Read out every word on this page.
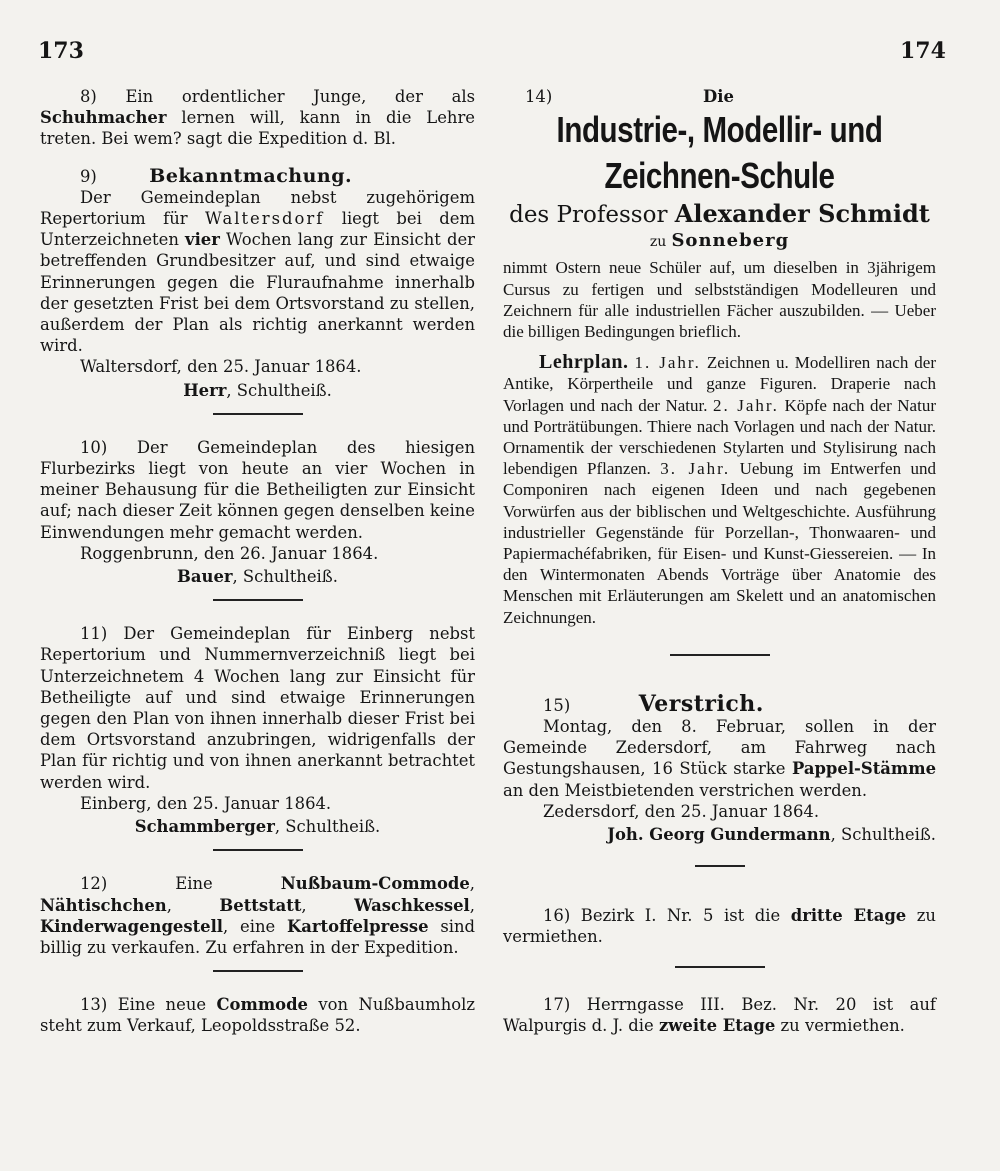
173	174

8) Ein ordentlicher Junge, der als Schuhmacher lernen will, kann in die Lehre treten. Bei wem? sagt die Expedition d. Bl.

9)	Bekanntmachung.

Der Gemeindeplan nebst zugehörigem Repertorium für Waltersdorf liegt bei dem Unterzeichneten vier Wochen lang zur Einsicht der betreffenden Grundbesitzer auf, und sind etwaige Erinnerungen gegen die Fluraufnahme innerhalb der gesetzten Frist bei dem Ortsvorstand zu stellen, außerdem der Plan als richtig anerkannt werden wird.

Waltersdorf, den 25. Januar 1864.

Herr, Schultheiß.

10) Der Gemeindeplan des hiesigen Flurbezirks liegt von heute an vier Wochen in meiner Behausung für die Betheiligten zur Einsicht auf; nach dieser Zeit können gegen denselben keine Einwendungen mehr gemacht werden.

Roggenbrunn, den 26. Januar 1864.

Bauer, Schultheiß.

11) Der Gemeindeplan für Einberg nebst Repertorium und Nummernverzeichniß liegt bei Unterzeichnetem 4 Wochen lang zur Einsicht für Betheiligte auf und sind etwaige Erinnerungen gegen den Plan von ihnen innerhalb dieser Frist bei dem Ortsvorstand anzubringen, widrigenfalls der Plan für richtig und von ihnen anerkannt betrachtet werden wird.

Einberg, den 25. Januar 1864.

Schammberger, Schultheiß.

12)	Eine	Nußbaum-Commode, Nähtischchen, Bettstatt, Waschkessel, Kinderwagengestell, eine Kartoffelpresse sind billig zu verkaufen. Zu erfahren in der Expedition.

13) Eine neue Commode von Nußbaumholz steht zum Verkauf, Leopoldsstraße 52.

14)	Die

Industrie-, Modellir- und
Zeichnen-Schule
des Professor Alexander Schmidt
zu Sonneberg

nimmt Ostern neue Schüler auf, um dieselben in 3jährigem Cursus zu fertigen und selbstständigen Modelleuren und Zeichnern für alle industriellen Fächer auszubilden. — Ueber die billigen Bedingungen brieflich.

Lehrplan. 1. Jahr. Zeichnen u. Modelliren nach der Antike, Körpertheile und ganze Figuren. Draperie nach Vorlagen und nach der Natur. 2. Jahr. Köpfe nach der Natur und Porträtübungen. Thiere nach Vorlagen und nach der Natur. Ornamentik der verschiedenen Stylarten und Stylisirung nach lebendigen Pflanzen. 3. Jahr. Uebung im Entwerfen und Componiren nach eigenen Ideen und nach gegebenen Vorwürfen aus der biblischen und Weltgeschichte. Ausführung industrieller Gegenstände für Porzellan-, Thonwaaren- und Papiermachéfabriken, für Eisen- und Kunst-Giessereien. — In den Wintermonaten Abends Vorträge über Anatomie des Menschen mit Erläuterungen am Skelett und an anatomischen Zeichnungen.

15)	Verstrich.

Montag, den 8. Februar, sollen in der Gemeinde Zedersdorf, am Fahrweg nach Gestungshausen, 16 Stück starke Pappel-Stämme an den Meistbietenden verstrichen werden.

Zedersdorf, den 25. Januar 1864.

Joh. Georg Gundermann, Schultheiß.

16) Bezirk I. Nr. 5 ist die dritte Etage zu vermiethen.

17) Herrngasse III. Bez. Nr. 20 ist auf Walpurgis d. J. die zweite Etage zu vermiethen.
